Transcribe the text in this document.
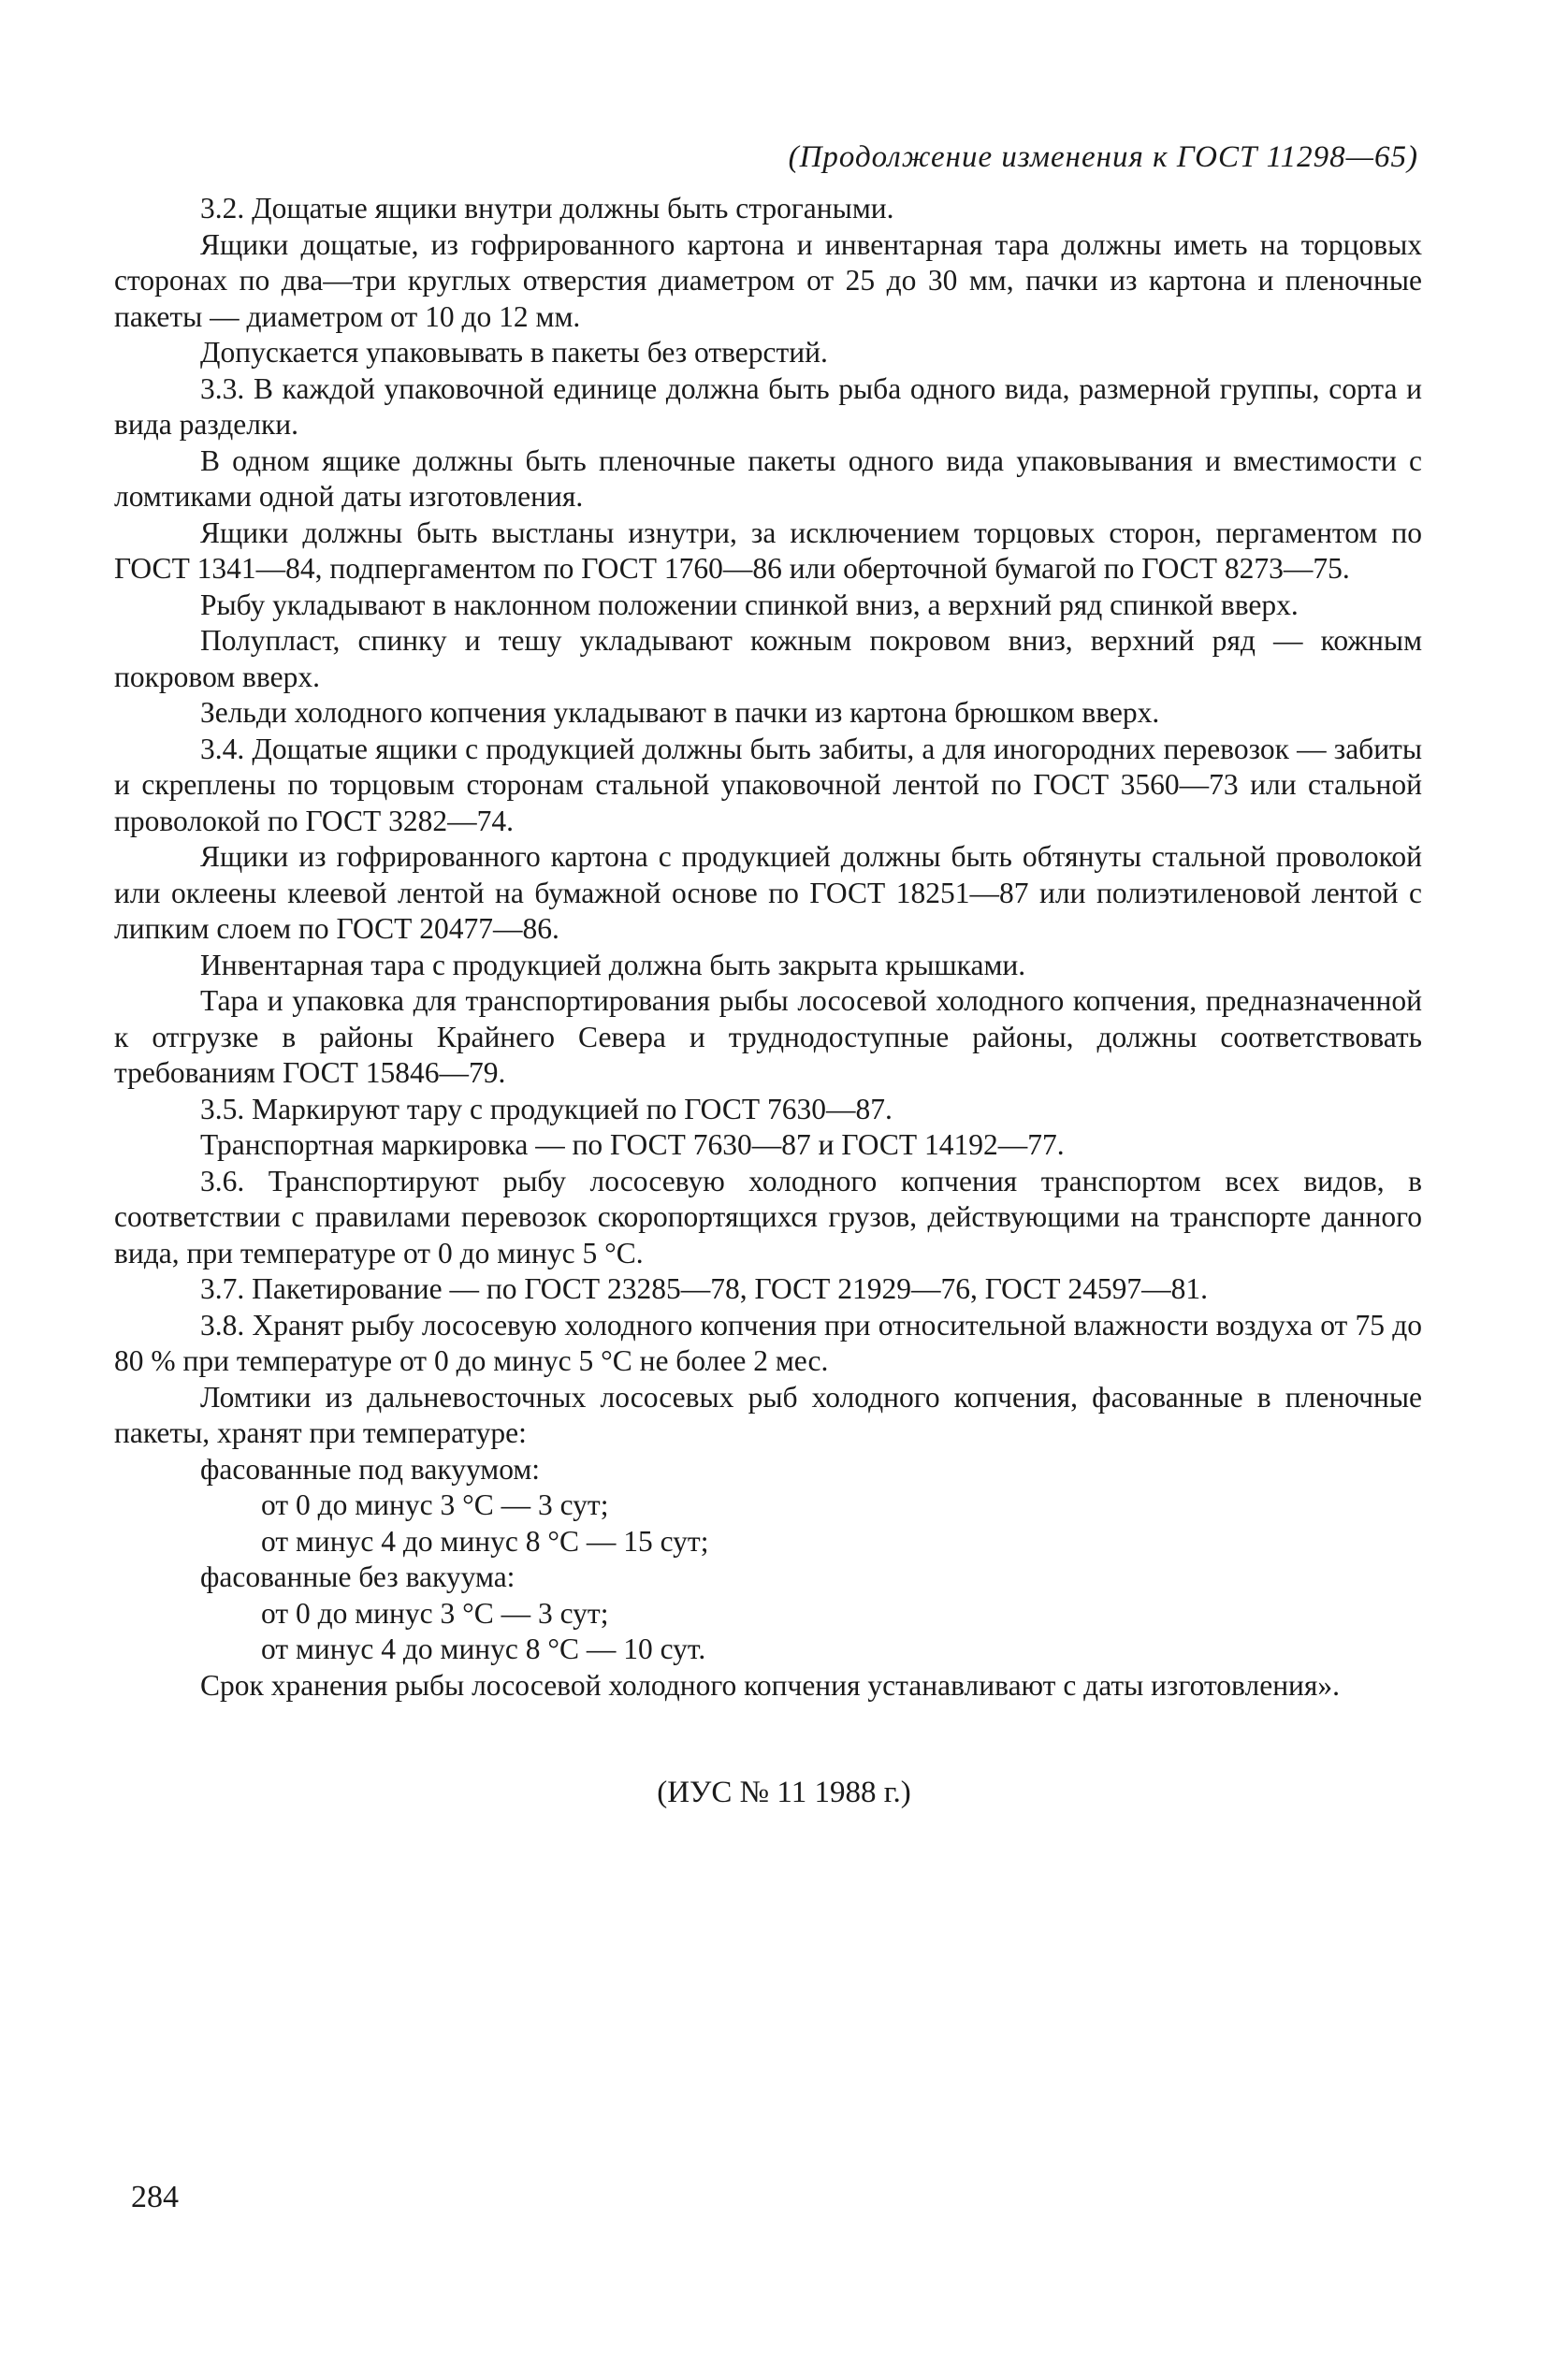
(Продолжение изменения к ГОСТ 11298—65)

3.2. Дощатые ящики внутри должны быть строгаными.

Ящики дощатые, из гофрированного картона и инвентарная тара должны иметь на торцовых сторонах по два—три круглых отверстия диаметром от 25 до 30 мм, пачки из картона и пленочные пакеты — диаметром от 10 до 12 мм.

Допускается упаковывать в пакеты без отверстий.

3.3. В каждой упаковочной единице должна быть рыба одного вида, размерной группы, сорта и вида разделки.

В одном ящике должны быть пленочные пакеты одного вида упаковывания и вместимости с ломтиками одной даты изготовления.

Ящики должны быть выстланы изнутри, за исключением торцовых сторон, пергаментом по ГОСТ 1341—84, подпергаментом по ГОСТ 1760—86 или оберточной бумагой по ГОСТ 8273—75.

Рыбу укладывают в наклонном положении спинкой вниз, а верхний ряд спинкой вверх.

Полупласт, спинку и тешу укладывают кожным покровом вниз, верхний ряд — кожным покровом вверх.

Зельди холодного копчения укладывают в пачки из картона брюшком вверх.

3.4. Дощатые ящики с продукцией должны быть забиты, а для иногородних перевозок — забиты и скреплены по торцовым сторонам стальной упаковочной лентой по ГОСТ 3560—73 или стальной проволокой по ГОСТ 3282—74.

Ящики из гофрированного картона с продукцией должны быть обтянуты стальной проволокой или оклеены клеевой лентой на бумажной основе по ГОСТ 18251—87 или полиэтиленовой лентой с липким слоем по ГОСТ 20477—86.

Инвентарная тара с продукцией должна быть закрыта крышками.

Тара и упаковка для транспортирования рыбы лососевой холодного копчения, предназначенной к отгрузке в районы Крайнего Севера и труднодоступные районы, должны соответствовать требованиям ГОСТ 15846—79.

3.5. Маркируют тару с продукцией по ГОСТ 7630—87.

Транспортная маркировка — по ГОСТ 7630—87 и ГОСТ 14192—77.

3.6. Транспортируют рыбу лососевую холодного копчения транспортом всех видов, в соответствии с правилами перевозок скоропортящихся грузов, действующими на транспорте данного вида, при температуре от 0 до минус 5 °С.

3.7. Пакетирование — по ГОСТ 23285—78, ГОСТ 21929—76, ГОСТ 24597—81.

3.8. Хранят рыбу лососевую холодного копчения при относительной влажности воздуха от 75 до 80 % при температуре от 0 до минус 5 °С не более 2 мес.

Ломтики из дальневосточных лососевых рыб холодного копчения, фасованные в пленочные пакеты, хранят при температуре:

фасованные под вакуумом:

от 0 до минус 3 °С — 3 сут;

от минус 4 до минус 8 °С — 15 сут;

фасованные без вакуума:

от 0 до минус 3 °С — 3 сут;

от минус 4 до минус 8 °С — 10 сут.

Срок хранения рыбы лососевой холодного копчения устанавливают с даты изготовления».

(ИУС № 11 1988 г.)
284
